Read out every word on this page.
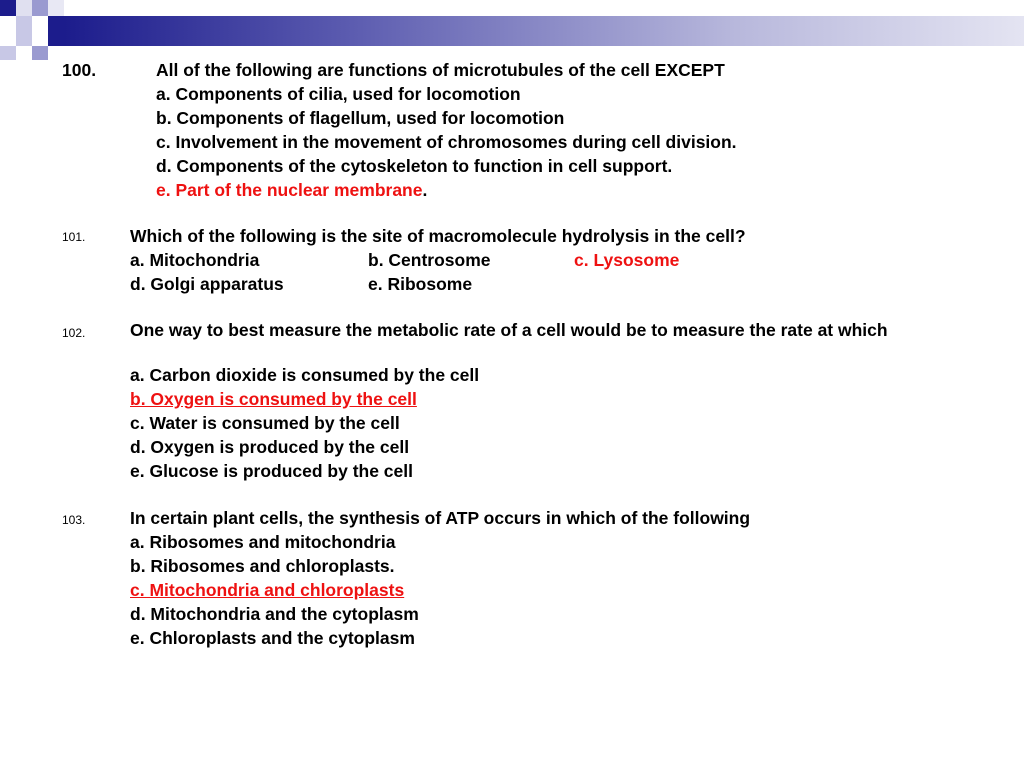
100.	All of the following are functions of microtubules of the cell EXCEPT
a. Components of cilia, used for locomotion
b. Components of flagellum, used for locomotion
c. Involvement in the movement of chromosomes during cell division.
d. Components of the cytoskeleton to function in cell support.
e. Part of the nuclear membrane.
101.	Which of the following is the site of macromolecule hydrolysis in the cell?
a. Mitochondria	b. Centrosome	c. Lysosome
d. Golgi apparatus	e. Ribosome
102.	One way to best measure the metabolic rate of a cell would be to measure the rate at which
a. Carbon dioxide is consumed by the cell
b. Oxygen is consumed by the cell
c. Water is consumed by the cell
d. Oxygen is produced by the cell
e. Glucose is produced by the cell
103.	In certain plant cells, the synthesis of ATP occurs in which of the following
a. Ribosomes and mitochondria
b. Ribosomes and chloroplasts.
c. Mitochondria and chloroplasts
d. Mitochondria and the cytoplasm
e. Chloroplasts and the cytoplasm
